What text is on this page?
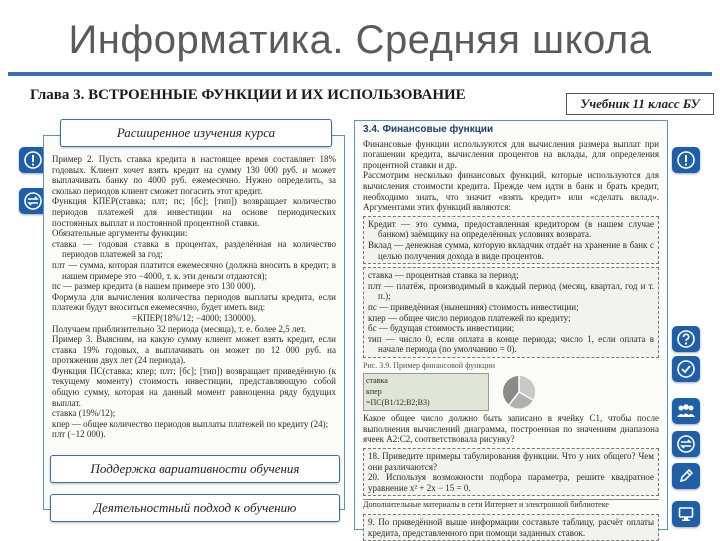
Информатика. Средняя школа
Глава 3. ВСТРОЕННЫЕ ФУНКЦИИ И ИХ ИСПОЛЬЗОВАНИЕ
Учебник 11 класс БУ

Пример 2. Пусть ставка кредита в настоящее время составляет 18% годовых. Клиент хочет взять кредит на сумму 130 000 руб. и может выплачивать банку по 4000 руб. ежемесячно. Нужно определить, за сколько периодов клиент сможет погасить этот кредит.

Функция КПЕР(ставка; плт; пс; [бс]; [тип]) возвращает количество периодов платежей для инвестиции на основе периодических постоянных выплат и постоянной процентной ставки.

Обязательные аргументы функции:

ставка — годовая ставка в процентах, разделённая на количество периодов платежей за год;

плт — сумма, которая платится ежемесячно (должна вносить в кредит; в нашем примере это −4000, т. к. эти деньги отдаются);

пс — размер кредита (в нашем примере это 130 000).

Формула для вычисления количества периодов выплаты кредита, если платежи будут вноситься ежемесячно, будет иметь вид:

=КПЕР(18%/12; −4000; 130000).

Получаем приблизительно 32 периода (месяца), т. е. более 2,5 лет.

Пример 3. Выясним, на какую сумму клиент может взять кредит, если ставка 19% годовых, а выплачивать он может по 12 000 руб. на протяжении двух лет (24 периода).

Функция ПС(ставка; кпер; плт; [бс]; [тип]) возвращает приведённую (к текущему моменту) стоимость инвестиции, представляющую собой общую сумму, которая на данный момент равноценна ряду будущих выплат.

ставка (19%/12);

кпер — общее количество периодов выплаты платежей по кредиту (24);

плт (−12 000).

Расширенное изучения курса
Поддержка вариативности обучения
Деятельностный подход к обучению
3.4. Финансовые функции

Финансовые функции используются для вычисления размера выплат при погашении кредита, вычисления процентов на вклады, для определения процентной ставки и др.

Рассмотрим несколько финансовых функций, которые используются для вычисления стоимости кредита. Прежде чем идти в банк и брать кредит, необходимо знать, что значит «взять кредит» или «сделать вклад». Аргументами этих функций являются:

Кредит — это сумма, предоставленная кредитором (в нашем случае банком) заёмщику на определённых условиях возврата.

Вклад — денежная сумма, которую вкладчик отдаёт на хранение в банк с целью получения дохода в виде процентов.

ставка — процентная ставка за период;

плт — платёж, производимый в каждый период (месяц, квартал, год и т. п.);

пс — приведённая (нынешняя) стоимость инвестиции;

кпер — общее число периодов платежей по кредиту;

бс — будущая стоимость инвестиции;

тип — число 0, если оплата в конце периода; число 1, если оплата в начале периода (по умолчанию = 0).

Рис. 3.9. Пример финансовой функции
ставка
кпер
=ПС(В1/12;В2;В3)

Какое общее число должно быть записано в ячейку С1, чтобы после выполнения вычислений диаграмма, построенная по значениям диапазона ячеек A2:C2, соответствовала рисунку?

18. Приведите примеры табулирования функции. Что у них общего? Чем они различаются?

20. Используя возможности подбора параметра, решите квадратное уравнение x² + 2x − 15 = 0.

Дополнительные материалы в сети Интернет и электронной библиотеке

9. По приведённой выше информации составьте таблицу, расчёт оплаты кредита, представленного при помощи заданных ставок.
